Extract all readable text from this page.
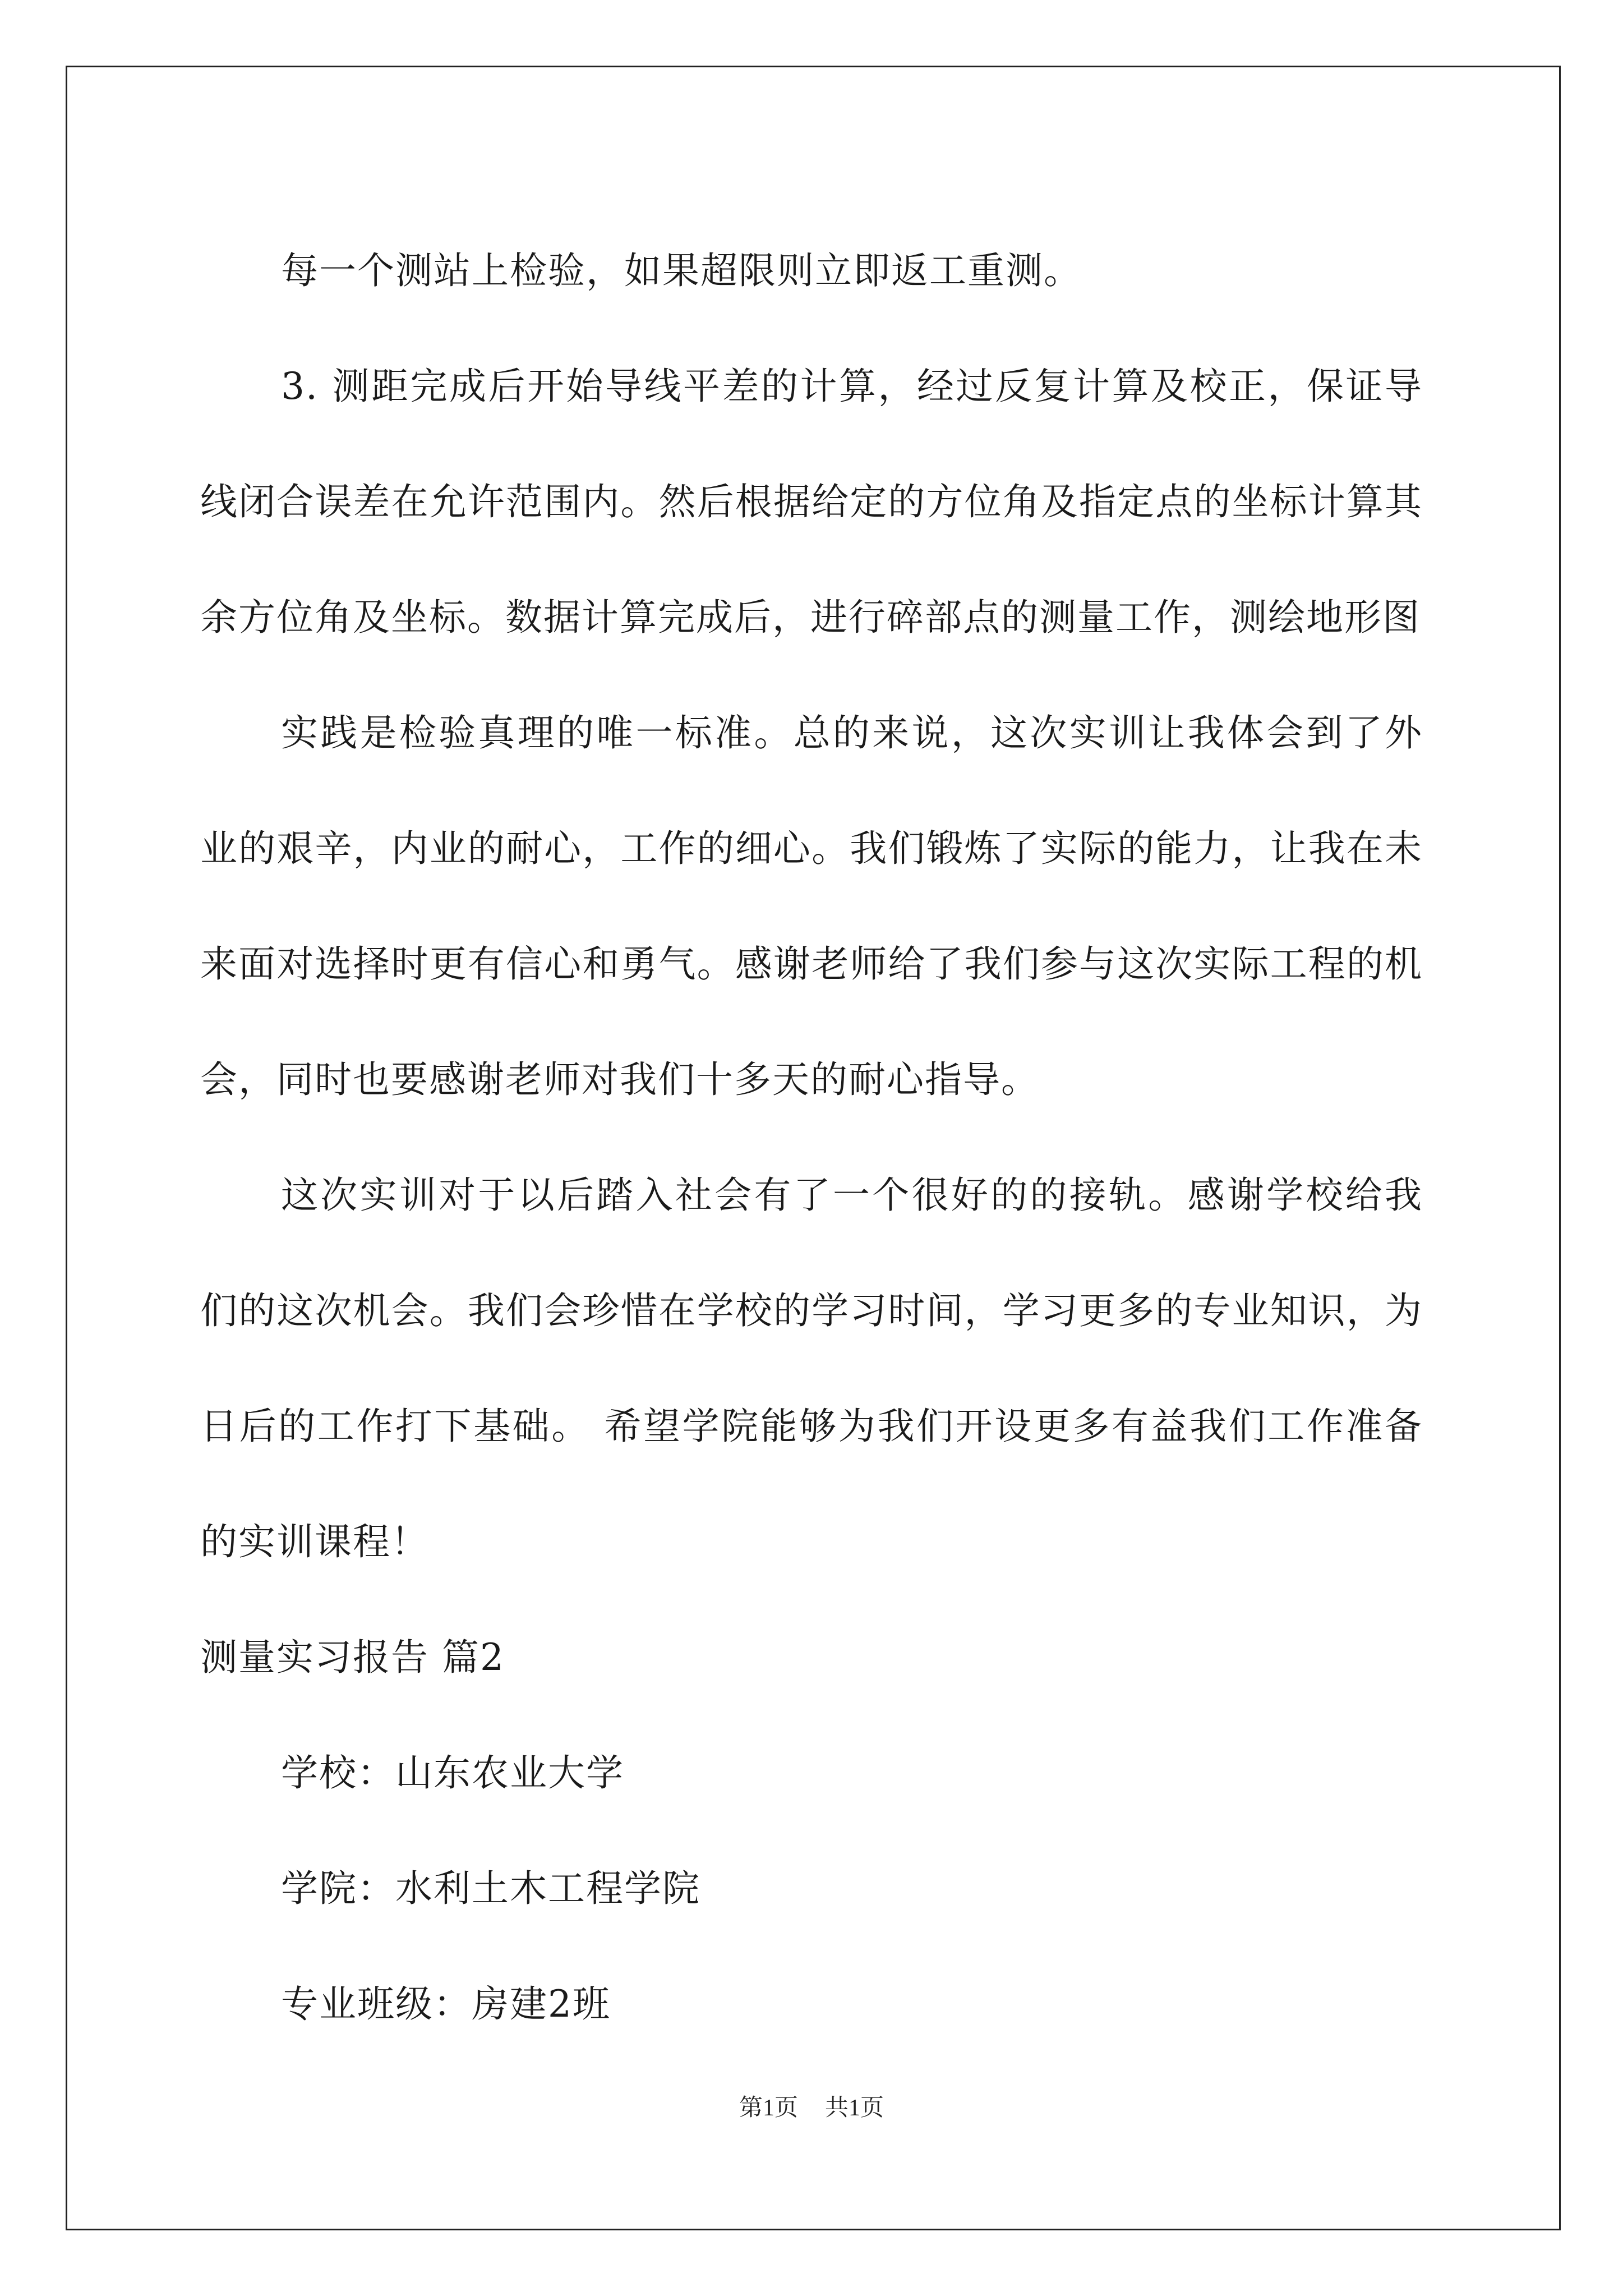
每一个测站上检验，如果超限则立即返工重测。

3. 测距完成后开始导线平差的计算，经过反复计算及校正，保证导线闭合误差在允许范围内。然后根据给定的方位角及指定点的坐标计算其余方位角及坐标。数据计算完成后，进行碎部点的测量工作，测绘地形图

实践是检验真理的唯一标准。总的来说，这次实训让我体会到了外业的艰辛，内业的耐心，工作的细心。我们锻炼了实际的能力，让我在未来面对选择时更有信心和勇气。感谢老师给了我们参与这次实际工程的机会，同时也要感谢老师对我们十多天的耐心指导。

这次实训对于以后踏入社会有了一个很好的的接轨。感谢学校给我们的这次机会。我们会珍惜在学校的学习时间，学习更多的专业知识，为日后的工作打下基础。 希望学院能够为我们开设更多有益我们工作准备的实训课程！

测量实习报告 篇2

学校：山东农业大学

学院：水利土木工程学院

专业班级：房建2班

第1页 共1页
